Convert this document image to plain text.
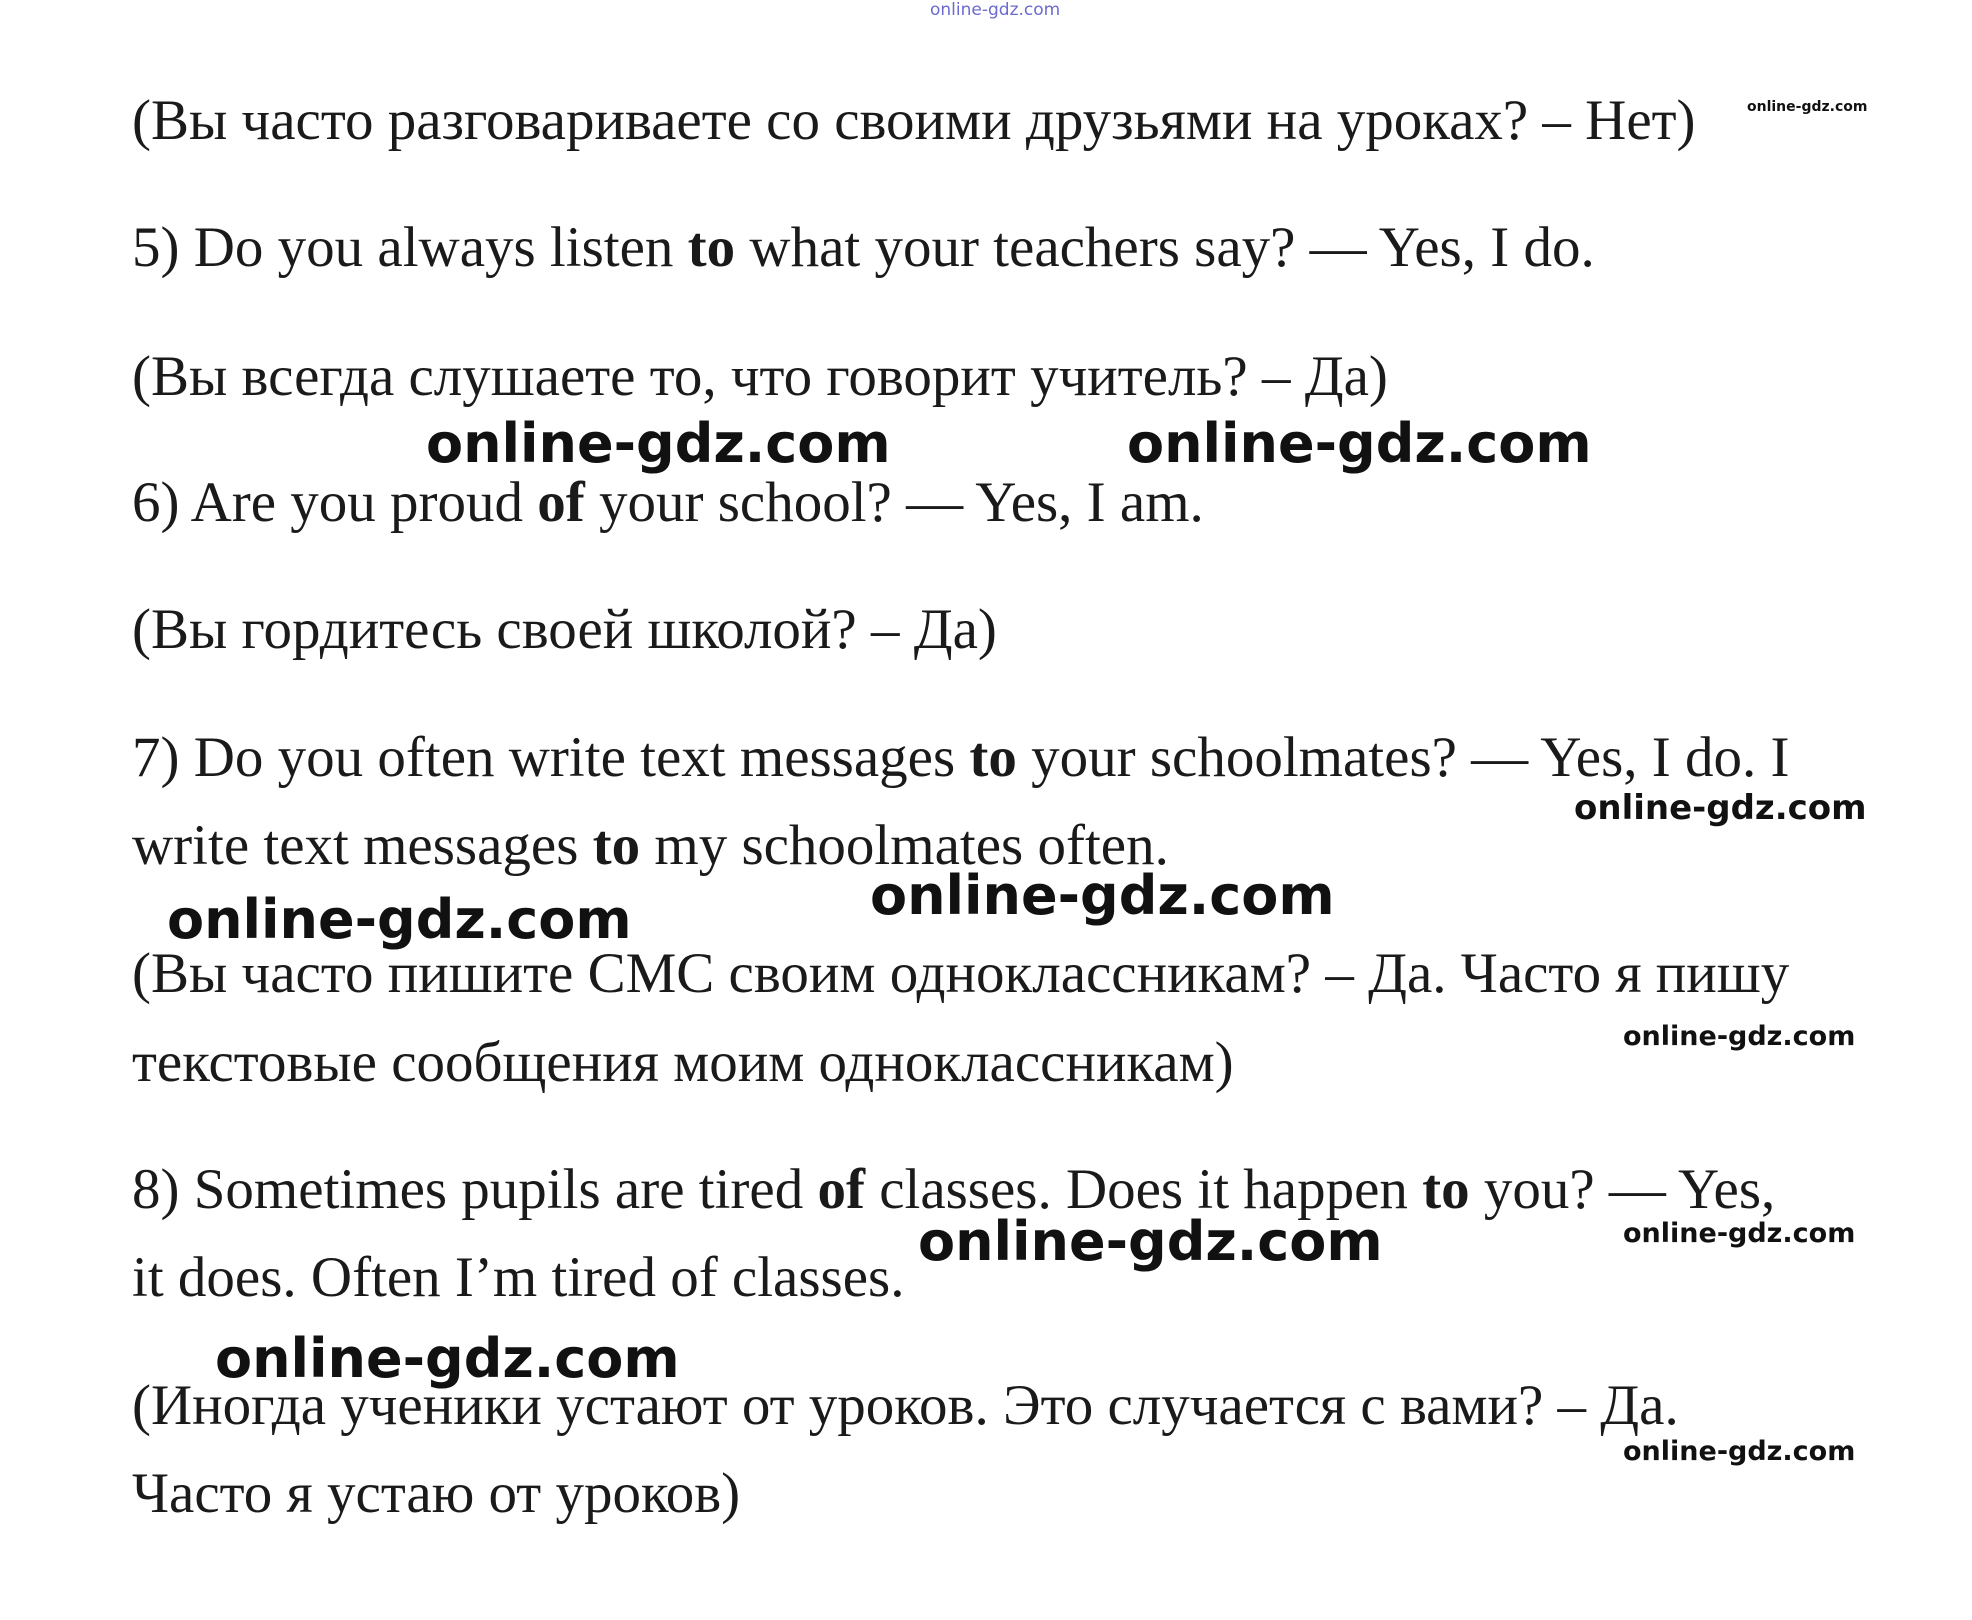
online-gdz.com
(Вы часто разговариваете со своими друзьями на уроках? – Нет)	online-gdz.com
5) Do you always listen to what your teachers say? — Yes, I do.
(Вы всегда слушаете то, что говорит учитель? – Да)
online-gdz.com	online-gdz.com
6) Are you proud of your school? — Yes, I am.
(Вы гордитесь своей школой? – Да)
7) Do you often write text messages to your schoolmates? — Yes, I do. I
online-gdz.com
write text messages to my schoolmates often.
online-gdz.com
online-gdz.com
(Вы часто пишите СМС своим одноклассникам? – Да. Часто я пишу
online-gdz.com
текстовые сообщения моим одноклассникам)
8) Sometimes pupils are tired of classes. Does it happen to you? — Yes,
online-gdz.com
online-gdz.com
it does. Often I’m tired of classes.
online-gdz.com
(Иногда ученики устают от уроков. Это случается с вами? – Да.
online-gdz.com
Часто я устаю от уроков)
